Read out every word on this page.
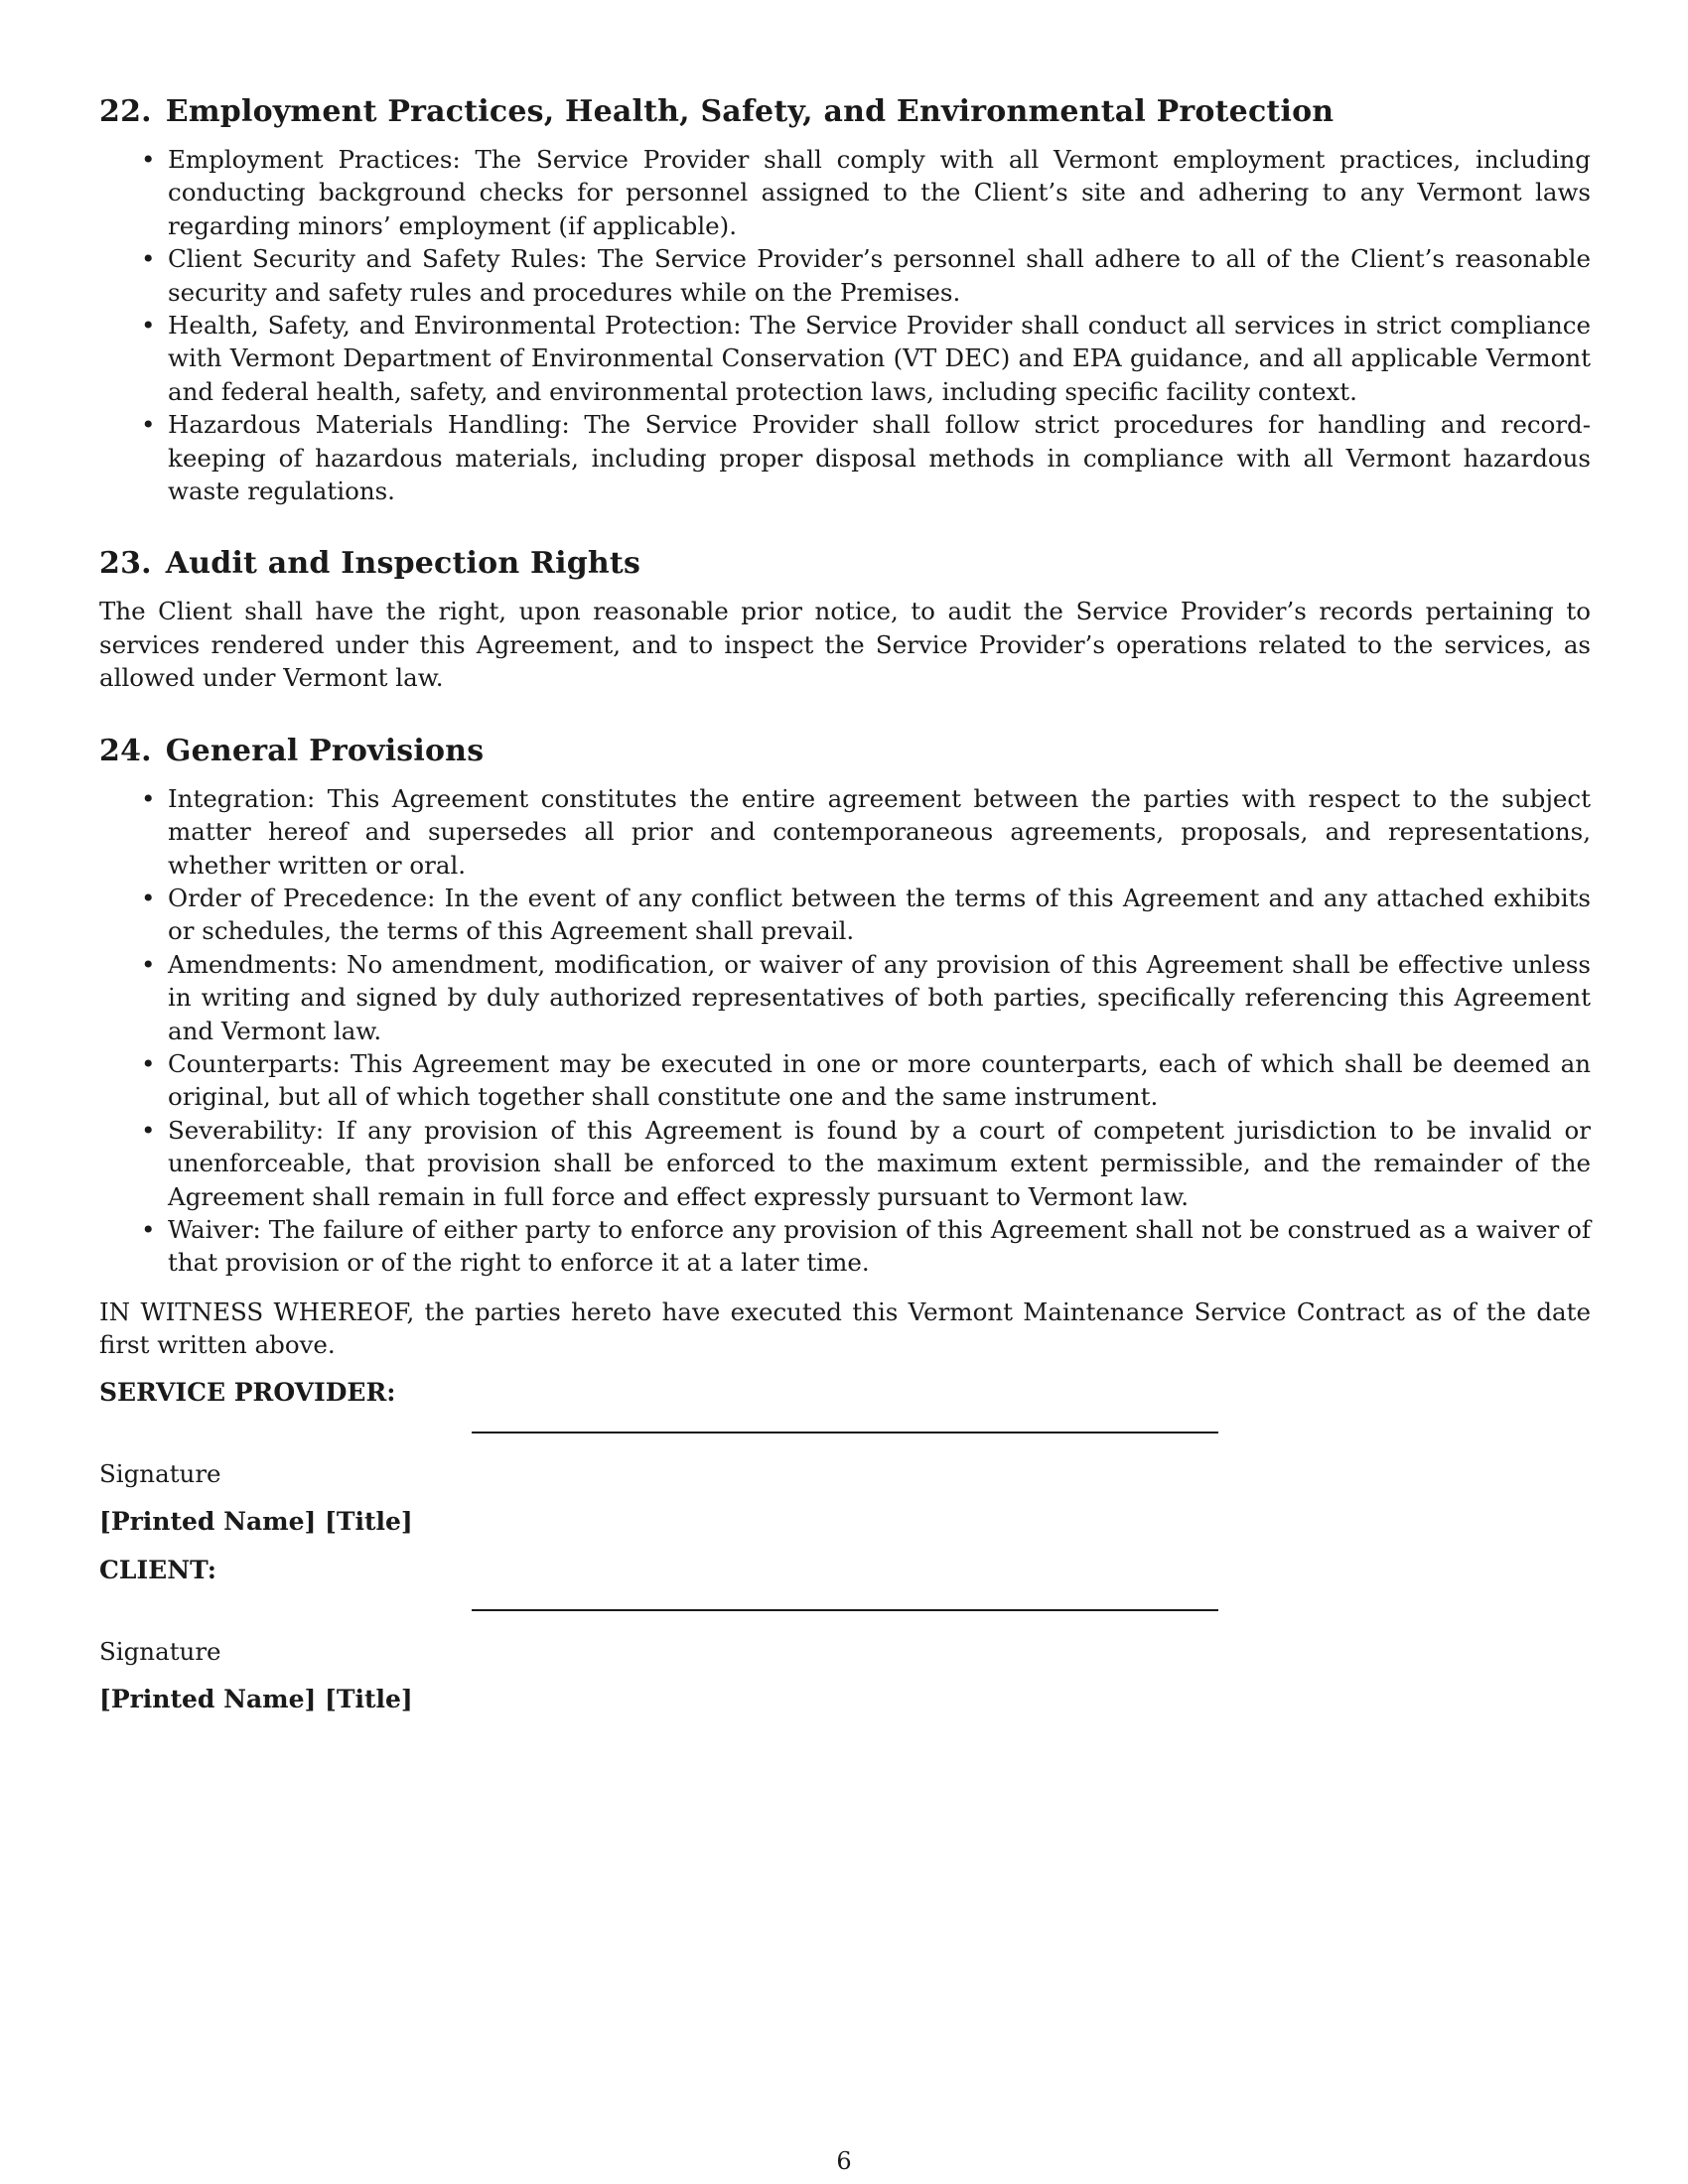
22. Employment Practices, Health, Safety, and Environmental Protection
• Employment Practices: The Service Provider shall comply with all Vermont employment practices, including conducting background checks for personnel assigned to the Client’s site and adhering to any Vermont laws regarding minors’ employment (if applicable).
• Client Security and Safety Rules: The Service Provider’s personnel shall adhere to all of the Client’s reasonable security and safety rules and procedures while on the Premises.
• Health, Safety, and Environmental Protection: The Service Provider shall conduct all services in strict compliance with Vermont Department of Environmental Conservation (VT DEC) and EPA guidance, and all applicable Vermont and federal health, safety, and environmental protection laws, including specific facility context.
• Hazardous Materials Handling: The Service Provider shall follow strict procedures for handling and record-keeping of hazardous materials, including proper disposal methods in compliance with all Vermont hazardous waste regulations.
23. Audit and Inspection Rights

The Client shall have the right, upon reasonable prior notice, to audit the Service Provider’s records pertaining to services rendered under this Agreement, and to inspect the Service Provider’s operations related to the services, as allowed under Vermont law.

24. General Provisions
• Integration: This Agreement constitutes the entire agreement between the parties with respect to the subject matter hereof and supersedes all prior and contemporaneous agreements, proposals, and representations, whether written or oral.
• Order of Precedence: In the event of any conflict between the terms of this Agreement and any attached exhibits or schedules, the terms of this Agreement shall prevail.
• Amendments: No amendment, modification, or waiver of any provision of this Agreement shall be effective unless in writing and signed by duly authorized representatives of both parties, specifically referencing this Agreement and Vermont law.
• Counterparts: This Agreement may be executed in one or more counterparts, each of which shall be deemed an original, but all of which together shall constitute one and the same instrument.
• Severability: If any provision of this Agreement is found by a court of competent jurisdiction to be invalid or unenforceable, that provision shall be enforced to the maximum extent permissible, and the remainder of the Agreement shall remain in full force and effect expressly pursuant to Vermont law.
• Waiver: The failure of either party to enforce any provision of this Agreement shall not be construed as a waiver of that provision or of the right to enforce it at a later time.

IN WITNESS WHEREOF, the parties hereto have executed this Vermont Maintenance Service Contract as of the date first written above.

SERVICE PROVIDER:
Signature
[Printed Name] [Title]
CLIENT:
Signature
[Printed Name] [Title]
6
